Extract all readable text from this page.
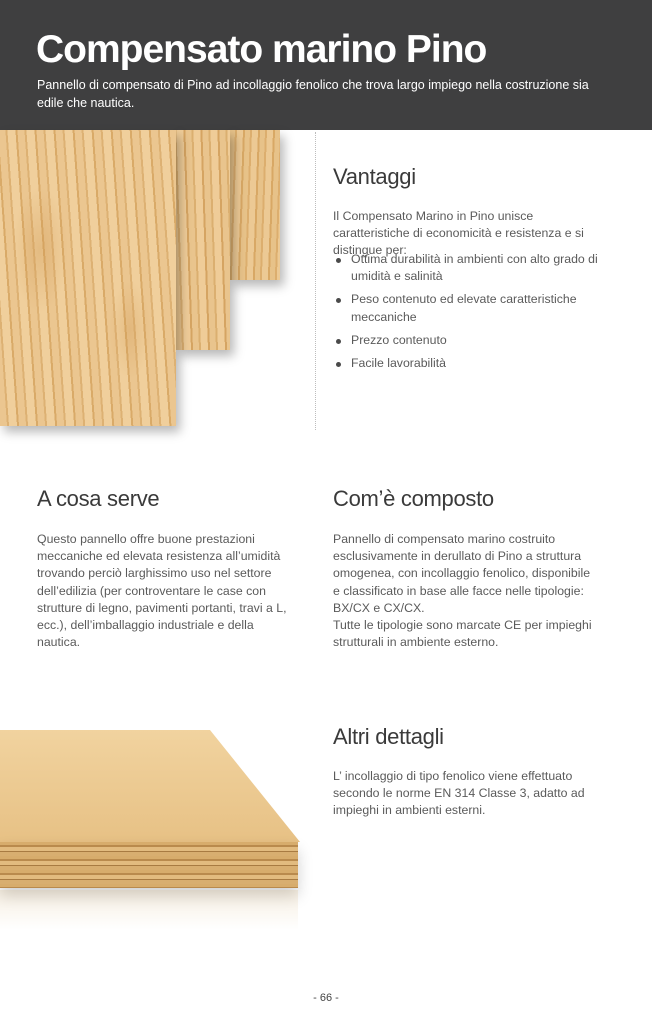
Compensato marino Pino

Pannello di compensato di Pino ad incollaggio fenolico che trova largo impiego nella costruzione sia edile che nautica.

Vantaggi

Il Compensato Marino in Pino unisce caratteristiche di economicità e resistenza e si distingue per:

Ottima durabilità in ambienti con alto grado di umidità e salinità
Peso contenuto ed elevate caratteristiche meccaniche
Prezzo contenuto
Facile lavorabilità
A cosa serve

Questo pannello offre buone prestazioni meccaniche ed elevata resistenza all’umidità trovando perciò larghissimo uso nel settore dell’edilizia (per controventare le case con strutture di legno, pavimenti portanti, travi a L, ecc.), dell’imballaggio industriale e della nautica.

Com’è composto

Pannello di compensato marino costruito esclusivamente in derullato di Pino a struttura omogenea, con incollaggio fenolico, disponibile e classificato in base alle facce nelle tipologie: BX/CX e CX/CX.
Tutte le tipologie sono marcate CE per impieghi strutturali in ambiente esterno.

Altri dettagli

L’ incollaggio di tipo fenolico viene effettuato secondo le norme EN 314 Classe 3, adatto ad impieghi in ambienti esterni.

- 66 -
